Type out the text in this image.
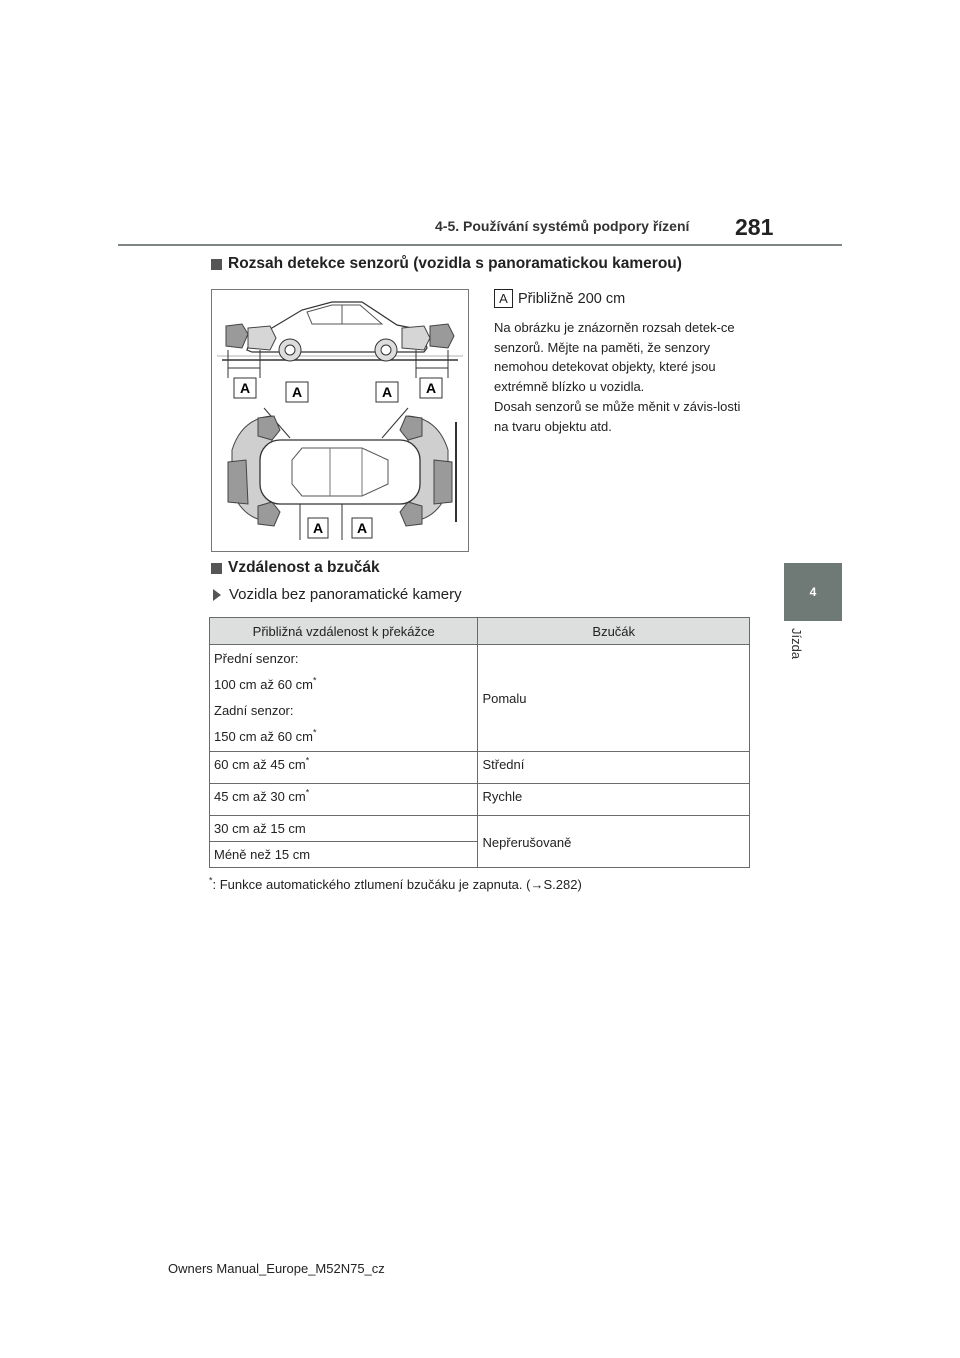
4-5. Používání systémů podpory řízení 281
4
Jízda
Rozsah detekce senzorů (vozidla s panoramatickou kamerou)
A	A	A A
A A
A Přibližně 200 cm
Na obrázku je znázorněn rozsah detek-ce senzorů. Mějte na paměti, že senzory nemohou detekovat objekty, které jsou extrémně blízko u vozidla.
Dosah senzorů se může měnit v závis-losti na tvaru objektu atd.
Vzdálenost a bzučák
Vozidla bez panoramatické kamery
Přibližná vzdálenost k překážce	Bzučák

Přední senzor:
100 cm až 60 cm*
Zadní senzor:
150 cm až 60 cm*	Pomalu
60 cm až 45 cm*	Střední
45 cm až 30 cm*	Rychle
30 cm až 15 cm	Nepřerušovaně
Méně než 15 cm	
*: Funkce automatického ztlumení bzučáku je zapnuta. (→S.282)
Owners Manual_Europe_M52N75_cz
